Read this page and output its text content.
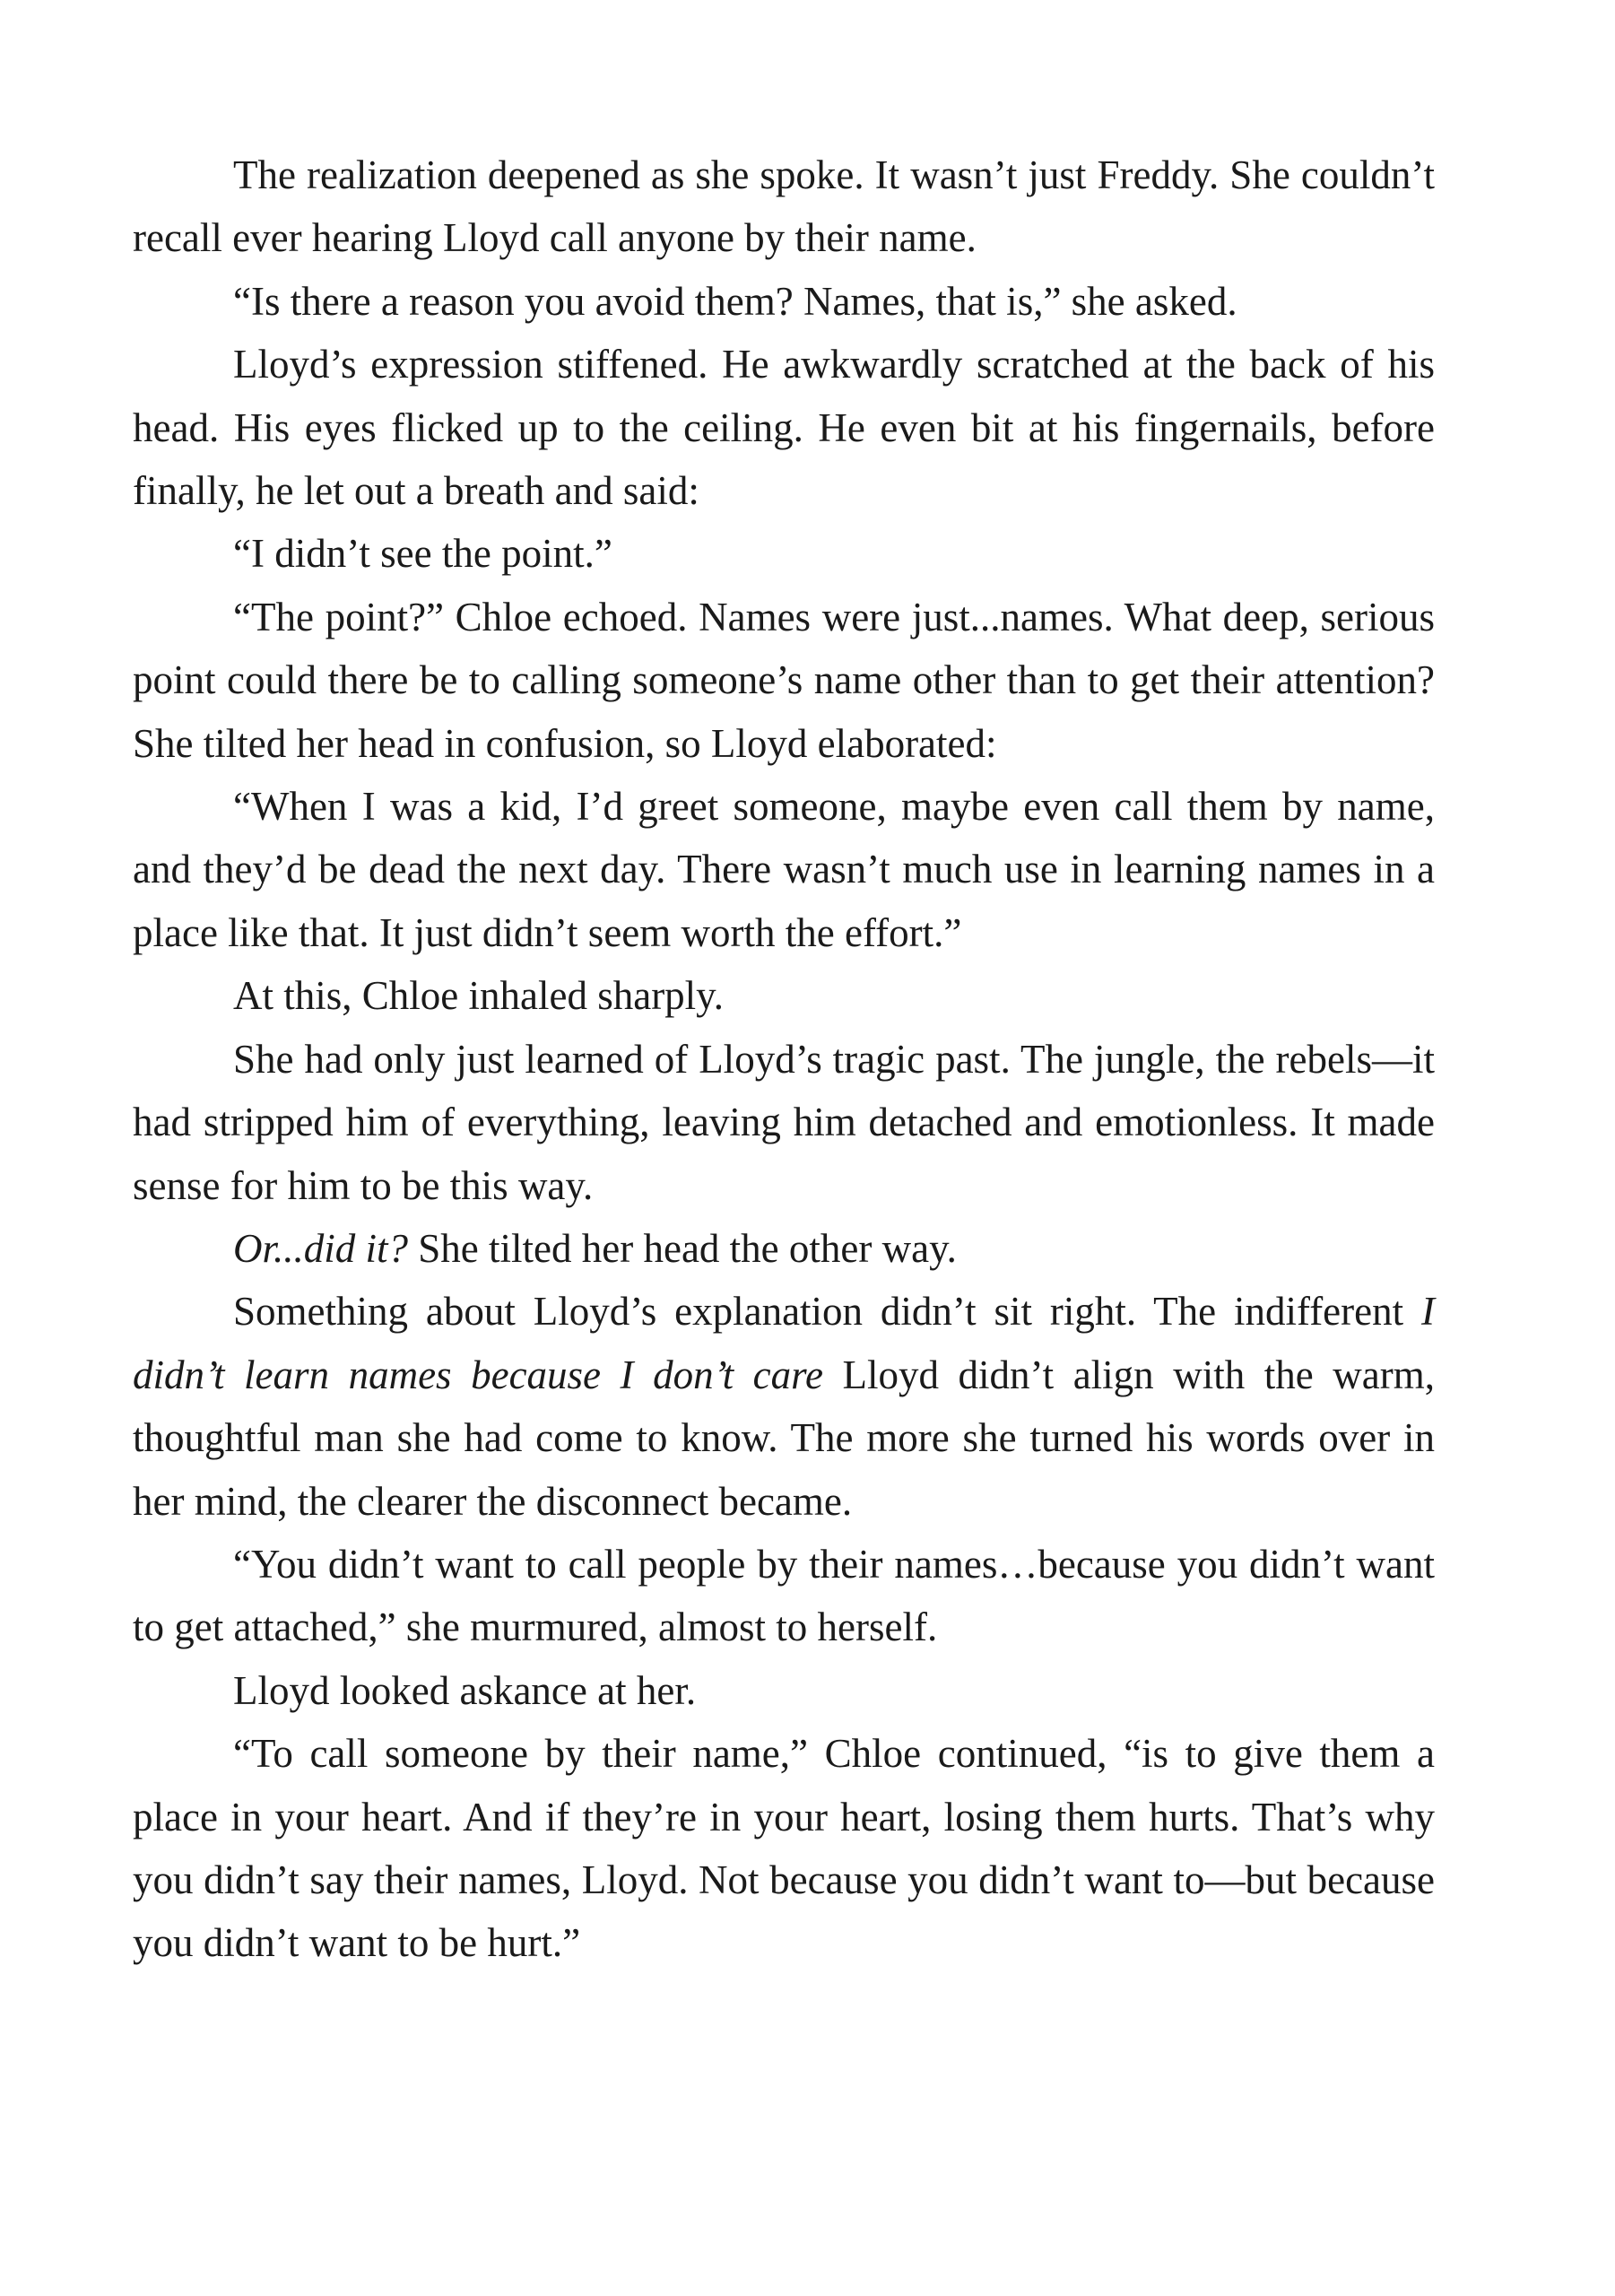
The realization deepened as she spoke. It wasn’t just Freddy. She couldn’t recall ever hearing Lloyd call anyone by their name.

“Is there a reason you avoid them? Names, that is,” she asked.

Lloyd’s expression stiffened. He awkwardly scratched at the back of his head. His eyes flicked up to the ceiling. He even bit at his fingernails, before finally, he let out a breath and said:

“I didn’t see the point.”

“The point?” Chloe echoed. Names were just...names. What deep, serious point could there be to calling someone’s name other than to get their attention? She tilted her head in confusion, so Lloyd elaborated:

“When I was a kid, I’d greet someone, maybe even call them by name, and they’d be dead the next day. There wasn’t much use in learning names in a place like that. It just didn’t seem worth the effort.”

At this, Chloe inhaled sharply.

She had only just learned of Lloyd’s tragic past. The jungle, the rebels—it had stripped him of everything, leaving him detached and emotionless. It made sense for him to be this way.

Or...did it? She tilted her head the other way.

Something about Lloyd’s explanation didn’t sit right. The indifferent I didn’t learn names because I don’t care Lloyd didn’t align with the warm, thoughtful man she had come to know. The more she turned his words over in her mind, the clearer the disconnect became.

“You didn’t want to call people by their names…because you didn’t want to get attached,” she murmured, almost to herself.

Lloyd looked askance at her.

“To call someone by their name,” Chloe continued, “is to give them a place in your heart. And if they’re in your heart, losing them hurts. That’s why you didn’t say their names, Lloyd. Not because you didn’t want to—but because you didn’t want to be hurt.”
